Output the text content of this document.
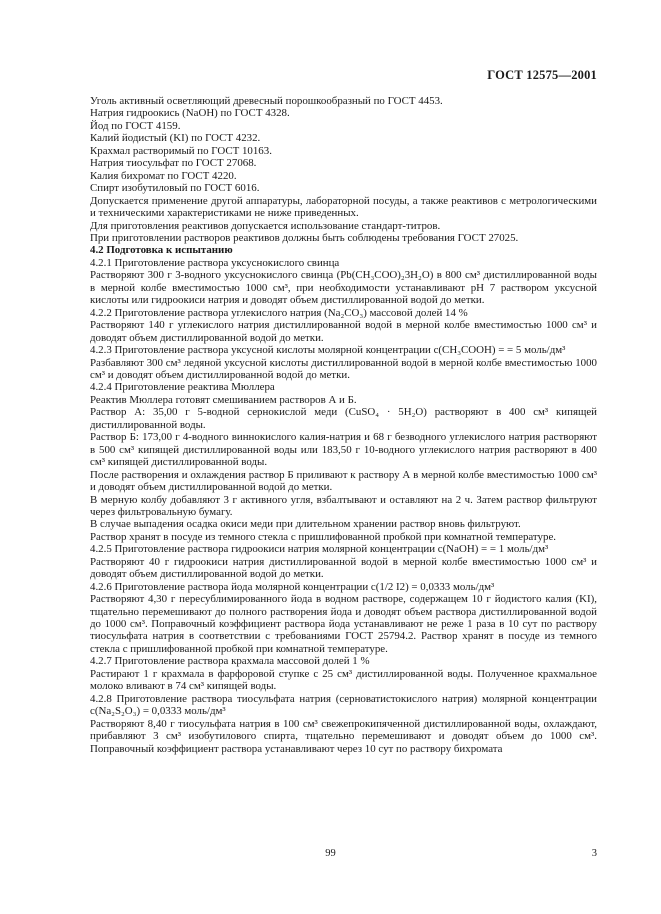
ГОСТ 12575—2001

Уголь активный осветляющий древесный порошкообразный по ГОСТ 4453.

Натрия гидроокись (NaOH) по ГОСТ 4328.

Йод по ГОСТ 4159.

Калий йодистый (KI) по ГОСТ 4232.

Крахмал растворимый по ГОСТ 10163.

Натрия тиосульфат по ГОСТ 27068.

Калия бихромат по ГОСТ 4220.

Спирт изобутиловый по ГОСТ 6016.

Допускается применение другой аппаратуры, лабораторной посуды, а также реактивов с метрологическими и техническими характеристиками не ниже приведенных.

Для приготовления реактивов допускается использование стандарт-титров.

При приготовлении растворов реактивов должны быть соблюдены требования ГОСТ 27025.

4.2 Подготовка к испытанию

4.2.1 Приготовление раствора уксуснокислого свинца

Растворяют 300 г 3-водного уксуснокислого свинца (Pb(CH₃COO)₂3H₂O) в 800 см³ дистиллированной воды в мерной колбе вместимостью 1000 см³, при необходимости устанавливают pH 7 раствором уксусной кислоты или гидроокиси натрия и доводят объем дистиллированной водой до метки.

4.2.2 Приготовление раствора углекислого натрия (Na₂CO₃) массовой долей 14 %

Растворяют 140 г углекислого натрия дистиллированной водой в мерной колбе вместимостью 1000 см³ и доводят объем дистиллированной водой до метки.

4.2.3 Приготовление раствора уксусной кислоты молярной концентрации c(CH₃COOH) = = 5 моль/дм³

Разбавляют 300 см³ ледяной уксусной кислоты дистиллированной водой в мерной колбе вместимостью 1000 см³ и доводят объем дистиллированной водой до метки.

4.2.4 Приготовление реактива Мюллера

Реактив Мюллера готовят смешиванием растворов А и Б.

Раствор А: 35,00 г 5-водной сернокислой меди (CuSO₄ · 5H₂O) растворяют в 400 см³ кипящей дистиллированной воды.

Раствор Б: 173,00 г 4-водного виннокислого калия-натрия и 68 г безводного углекислого натрия растворяют в 500 см³ кипящей дистиллированной воды или 183,50 г 10-водного углекислого натрия растворяют в 400 см³ кипящей дистиллированной воды.

После растворения и охлаждения раствор Б приливают к раствору А в мерной колбе вместимостью 1000 см³ и доводят объем дистиллированной водой до метки.

В мерную колбу добавляют 3 г активного угля, взбалтывают и оставляют на 2 ч. Затем раствор фильтруют через фильтровальную бумагу.

В случае выпадения осадка окиси меди при длительном хранении раствор вновь фильтруют.

Раствор хранят в посуде из темного стекла с пришлифованной пробкой при комнатной температуре.

4.2.5 Приготовление раствора гидроокиси натрия молярной концентрации c(NaOH) = = 1 моль/дм³

Растворяют 40 г гидроокиси натрия дистиллированной водой в мерной колбе вместимостью 1000 см³ и доводят объем дистиллированной водой до метки.

4.2.6 Приготовление раствора йода молярной концентрации c(1/2 I2) = 0,0333 моль/дм³

Растворяют 4,30 г пересублимированного йода в водном растворе, содержащем 10 г йодистого калия (KI), тщательно перемешивают до полного растворения йода и доводят объем раствора дистиллированной водой до 1000 см³. Поправочный коэффициент раствора йода устанавливают не реже 1 раза в 10 сут по раствору тиосульфата натрия в соответствии с требованиями ГОСТ 25794.2. Раствор хранят в посуде из темного стекла с пришлифованной пробкой при комнатной температуре.

4.2.7 Приготовление раствора крахмала массовой долей 1 %

Растирают 1 г крахмала в фарфоровой ступке с 25 см³ дистиллированной воды. Полученное крахмальное молоко вливают в 74 см³ кипящей воды.

4.2.8 Приготовление раствора тиосульфата натрия (серноватистокислого натрия) молярной концентрации c(Na₂S₂O₃) = 0,0333 моль/дм³

Растворяют 8,40 г тиосульфата натрия в 100 см³ свежепрокипяченной дистиллированной воды, охлаждают, прибавляют 3 см³ изобутилового спирта, тщательно перемешивают и доводят объем до 1000 см³. Поправочный коэффициент раствора устанавливают через 10 сут по раствору бихромата

99	3
